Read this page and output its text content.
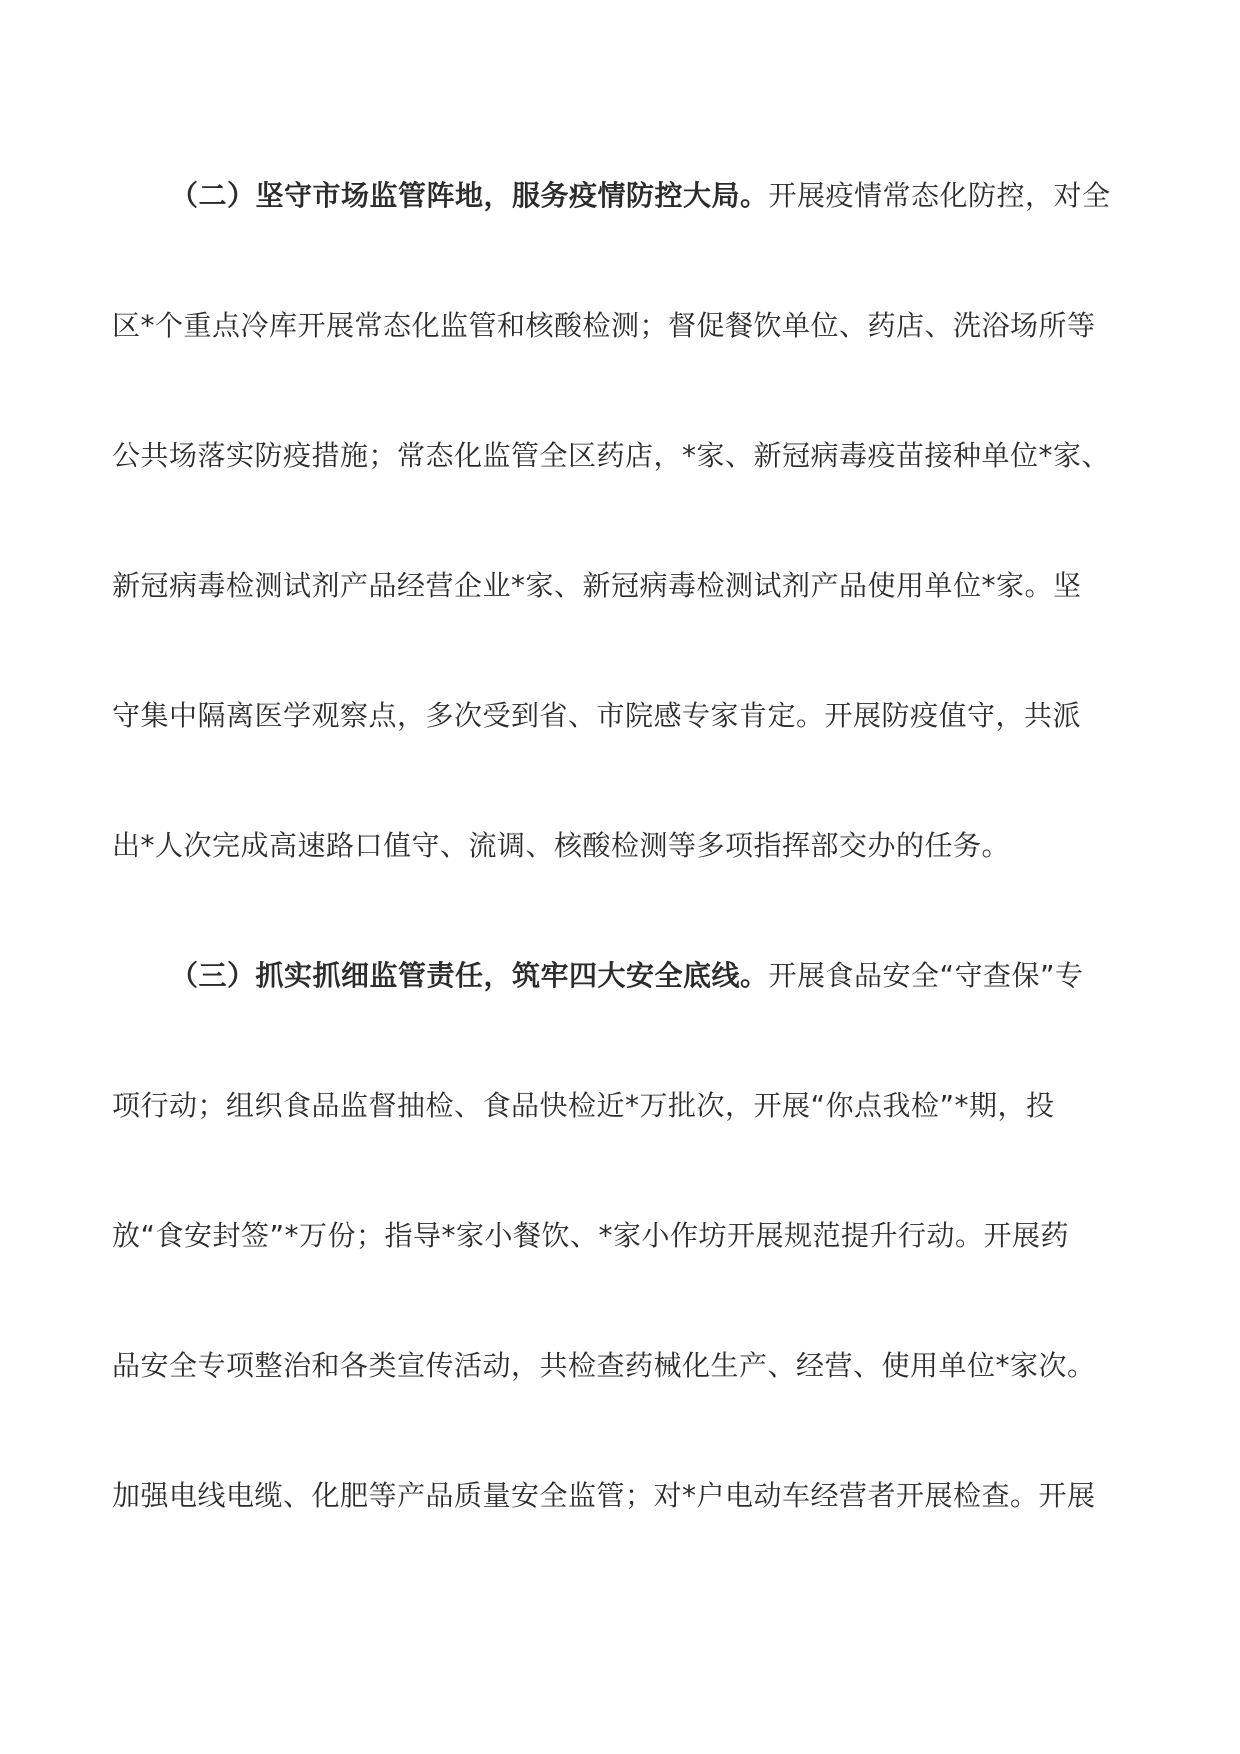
（二）坚守市场监管阵地，服务疫情防控大局。开展疫情常态化防控，对全
区*个重点冷库开展常态化监管和核酸检测；督促餐饮单位、药店、洗浴场所等
公共场落实防疫措施；常态化监管全区药店，*家、新冠病毒疫苗接种单位*家、
新冠病毒检测试剂产品经营企业*家、新冠病毒检测试剂产品使用单位*家。坚
守集中隔离医学观察点，多次受到省、市院感专家肯定。开展防疫值守，共派
出*人次完成高速路口值守、流调、核酸检测等多项指挥部交办的任务。
（三）抓实抓细监管责任，筑牢四大安全底线。开展食品安全“守查保”专
项行动；组织食品监督抽检、食品快检近*万批次，开展“你点我检”*期，投
放“食安封签”*万份；指导*家小餐饮、*家小作坊开展规范提升行动。开展药
品安全专项整治和各类宣传活动，共检查药械化生产、经营、使用单位*家次。
加强电线电缆、化肥等产品质量安全监管；对*户电动车经营者开展检查。开展
